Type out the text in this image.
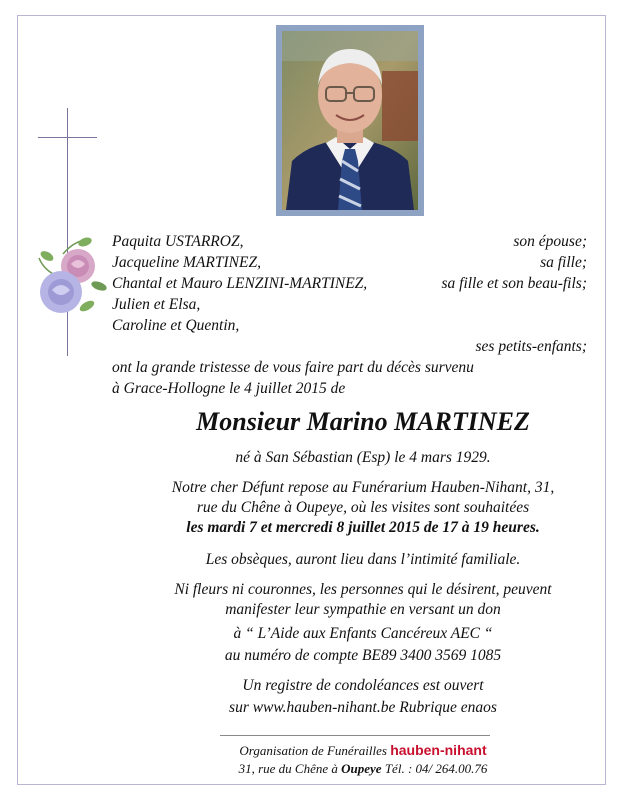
Paquita USTARROZ,	son épouse;
Jacqueline MARTINEZ,	sa fille;
Chantal et Mauro LENZINI-MARTINEZ,	sa fille et son beau-fils;
Julien et Elsa,
Caroline et Quentin,
ses petits-enfants;
ont la grande tristesse de vous faire part du décès survenu
à Grace-Hollogne le 4 juillet 2015 de
Monsieur Marino MARTINEZ
né à San Sébastian (Esp) le 4 mars 1929.
Notre cher Défunt repose au Funérarium Hauben-Nihant, 31,
rue du Chêne à Oupeye, où les visites sont souhaitées
les mardi 7 et mercredi 8 juillet 2015 de 17 à 19 heures.
Les obsèques, auront lieu dans l’intimité familiale.
Ni fleurs ni couronnes, les personnes qui le désirent, peuvent
manifester leur sympathie en versant un don
à “ L’Aide aux Enfants Cancéreux AEC “
au numéro de compte BE89 3400 3569 1085
Un registre de condoléances est ouvert
sur www.hauben-nihant.be Rubrique enaos
Organisation de Funérailles hauben-nihant
31, rue du Chêne à Oupeye Tél. : 04/ 264.00.76
